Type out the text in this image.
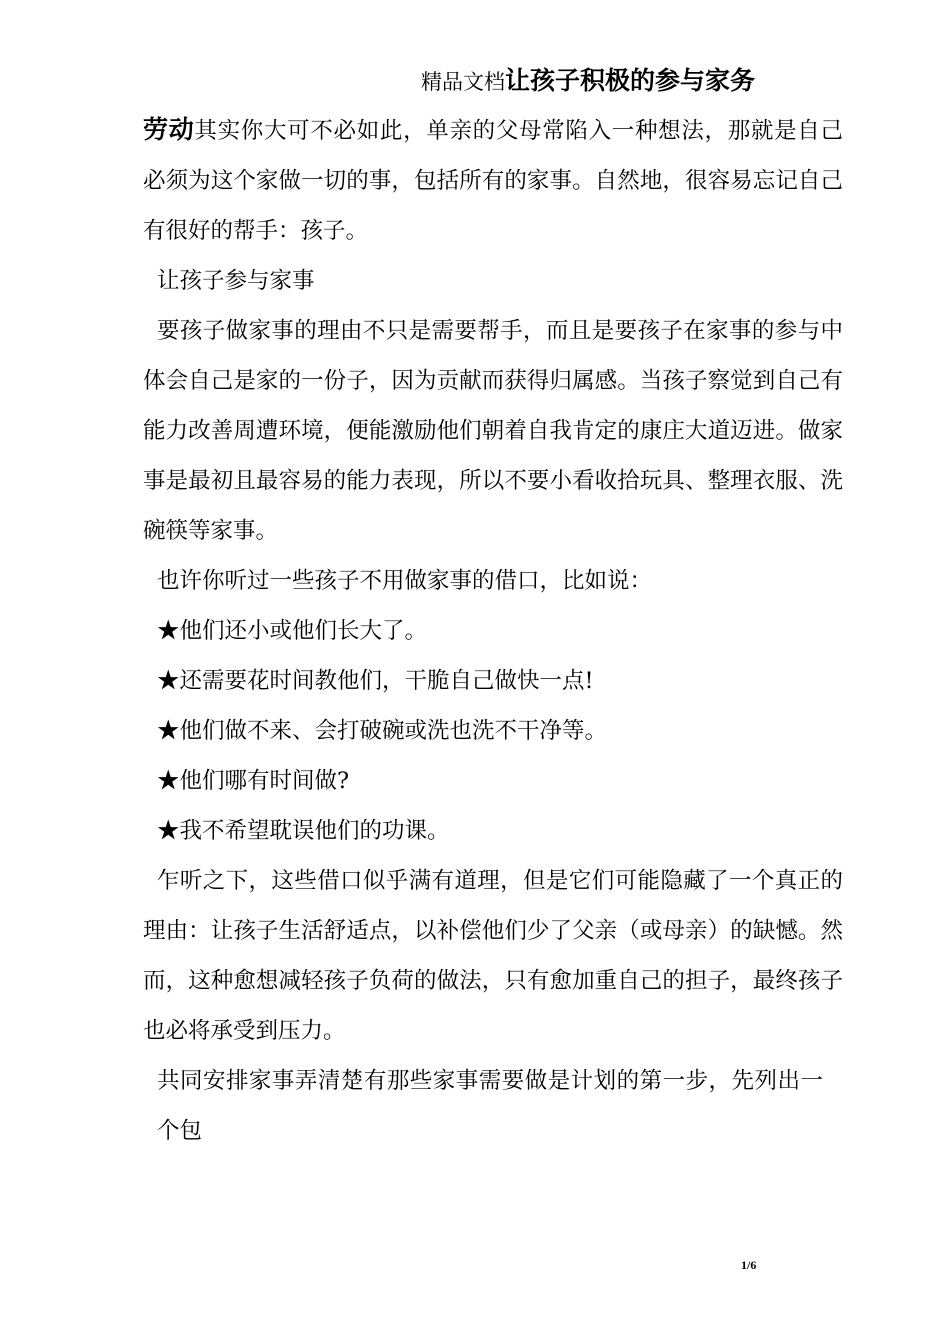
精品文档让孩子积极的参与家务
劳动其实你大可不必如此，单亲的父母常陷入一种想法，那就是自己必须为这个家做一切的事，包括所有的家事。自然地，很容易忘记自己有很好的帮手：孩子。

让孩子参与家事

要孩子做家事的理由不只是需要帮手，而且是要孩子在家事的参与中体会自己是家的一份子，因为贡献而获得归属感。当孩子察觉到自己有能力改善周遭环境，便能激励他们朝着自我肯定的康庄大道迈进。做家事是最初且最容易的能力表现，所以不要小看收拾玩具、整理衣服、洗碗筷等家事。

也许你听过一些孩子不用做家事的借口，比如说：

★他们还小或他们长大了。

★还需要花时间教他们，干脆自己做快一点!

★他们做不来、会打破碗或洗也洗不干净等。

★他们哪有时间做?

★我不希望耽误他们的功课。

乍听之下，这些借口似乎满有道理，但是它们可能隐藏了一个真正的理由：让孩子生活舒适点，以补偿他们少了父亲（或母亲）的缺憾。然而，这种愈想减轻孩子负荷的做法，只有愈加重自己的担子，最终孩子也必将承受到压力。

共同安排家事弄清楚有那些家事需要做是计划的第一步，先列出一个包

1/6
